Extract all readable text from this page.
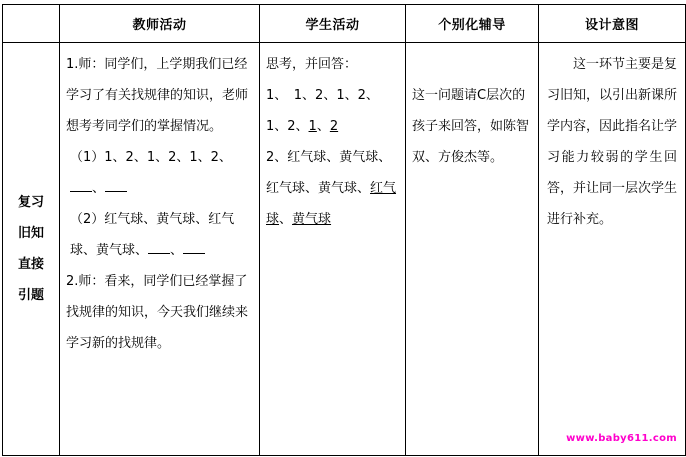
	教师活动	学生活动	个别化辅导	设计意图

复习
旧知
直接
引题	1.师：同学们，上学期我们已经学习了有关找规律的知识，老师想考考同学们的掌握情况。
（1）1、2、1、2、1、2、
、
（2）红气球、黄气球、红气球、黄气球、 、
2.师：看来，同学们已经掌握了找规律的知识，今天我们继续来学习新的找规律。	思考，并回答：
1、　1、2、1、2、1、2、1、2
2、红气球、黄气球、红气球、黄气球、红气球、黄气球	这一问题请C层次的孩子来回答，如陈智双、方俊杰等。	这一环节主要是复习旧知，以引出新课所学内容，因此指名让学习能力较弱的学生回答，并让同一层次学生进行补充。
www.baby611.com
